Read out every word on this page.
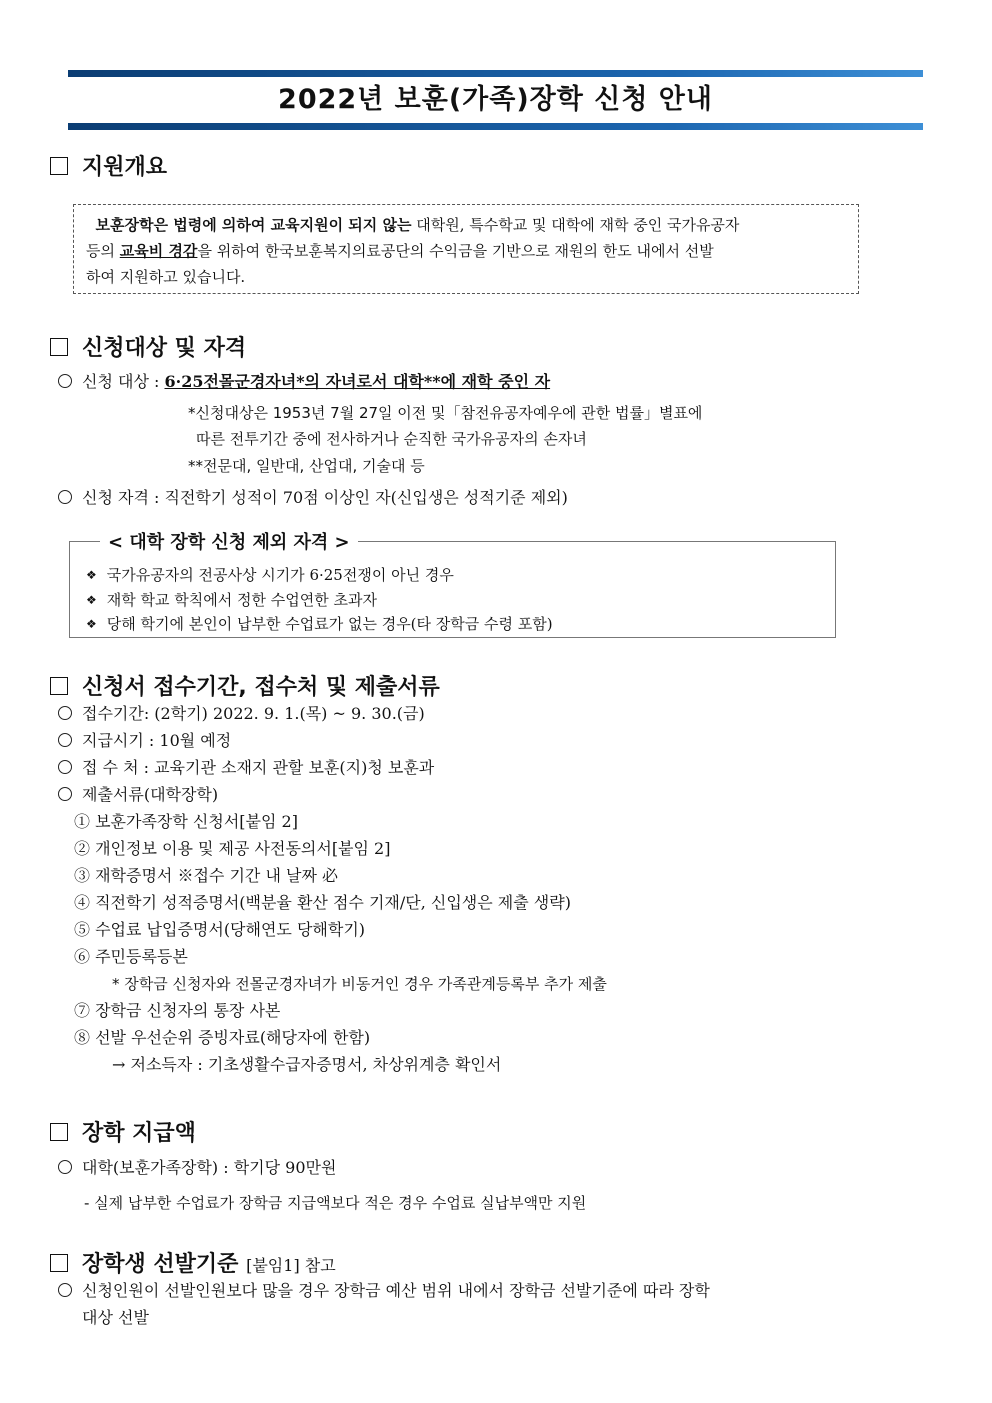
2022년 보훈(가족)장학 신청 안내
지원개요
보훈장학은 법령에 의하여 교육지원이 되지 않는 대학원, 특수학교 및 대학에 재학 중인 국가유공자
등의 교육비 경감을 위하여 한국보훈복지의료공단의 수익금을 기반으로 재원의 한도 내에서 선발
하여 지원하고 있습니다.
신청대상 및 자격
신청 대상 : 6·25전몰군경자녀*의 자녀로서 대학**에 재학 중인 자
*신청대상은 1953년 7월 27일 이전 및「참전유공자예우에 관한 법률」별표에
따른 전투기간 중에 전사하거나 순직한 국가유공자의 손자녀
**전문대, 일반대, 산업대, 기술대 등
신청 자격 : 직전학기 성적이 70점 이상인 자(신입생은 성적기준 제외)
< 대학 장학 신청 제외 자격 >
❖ 국가유공자의 전공사상 시기가 6·25전쟁이 아닌 경우
❖ 재학 학교 학칙에서 정한 수업연한 초과자
❖ 당해 학기에 본인이 납부한 수업료가 없는 경우(타 장학금 수령 포함)
신청서 접수기간, 접수처 및 제출서류
접수기간: (2학기) 2022. 9. 1.(목) ~ 9. 30.(금)
지급시기 : 10월 예정
접 수 처 : 교육기관 소재지 관할 보훈(지)청 보훈과
제출서류(대학장학)
① 보훈가족장학 신청서[붙임 2]
② 개인정보 이용 및 제공 사전동의서[붙임 2]
③ 재학증명서 ※접수 기간 내 날짜 必
④ 직전학기 성적증명서(백분율 환산 점수 기재/단, 신입생은 제출 생략)
⑤ 수업료 납입증명서(당해연도 당해학기)
⑥ 주민등록등본
* 장학금 신청자와 전몰군경자녀가 비동거인 경우 가족관계등록부 추가 제출
⑦ 장학금 신청자의 통장 사본
⑧ 선발 우선순위 증빙자료(해당자에 한함)
→ 저소득자 : 기초생활수급자증명서, 차상위계층 확인서
장학 지급액
대학(보훈가족장학) : 학기당 90만원
- 실제 납부한 수업료가 장학금 지급액보다 적은 경우 수업료 실납부액만 지원
장학생 선발기준 [붙임1] 참고
신청인원이 선발인원보다 많을 경우 장학금 예산 범위 내에서 장학금 선발기준에 따라 장학
대상 선발
